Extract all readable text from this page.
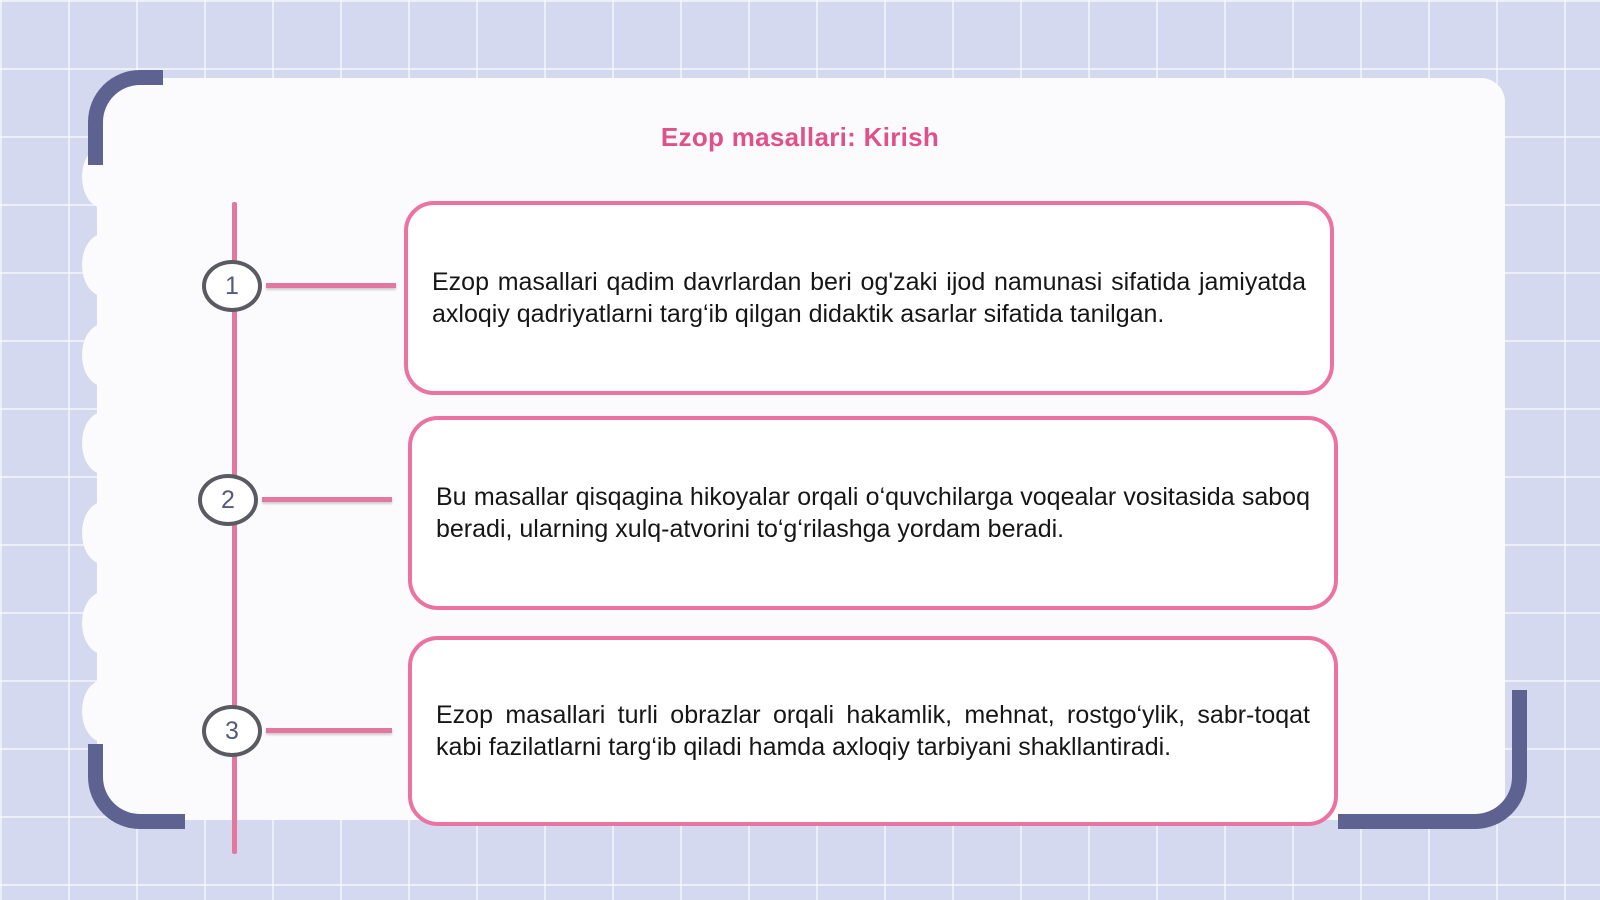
Ezop masallari: Kirish
1
2
3
Ezop masallari qadim davrlardan beri og'zaki ijod namunasi sifatida jamiyatda axloqiy qadriyatlarni targ‘ib qilgan didaktik asarlar sifatida tanilgan.
Bu masallar qisqagina hikoyalar orqali o‘quvchilarga voqealar vositasida saboq beradi, ularning xulq-atvorini to‘g‘rilashga yordam beradi.
Ezop masallari turli obrazlar orqali hakamlik, mehnat, rostgo‘ylik, sabr-toqat kabi fazilatlarni targ‘ib qiladi hamda axloqiy tarbiyani shakllantiradi.
